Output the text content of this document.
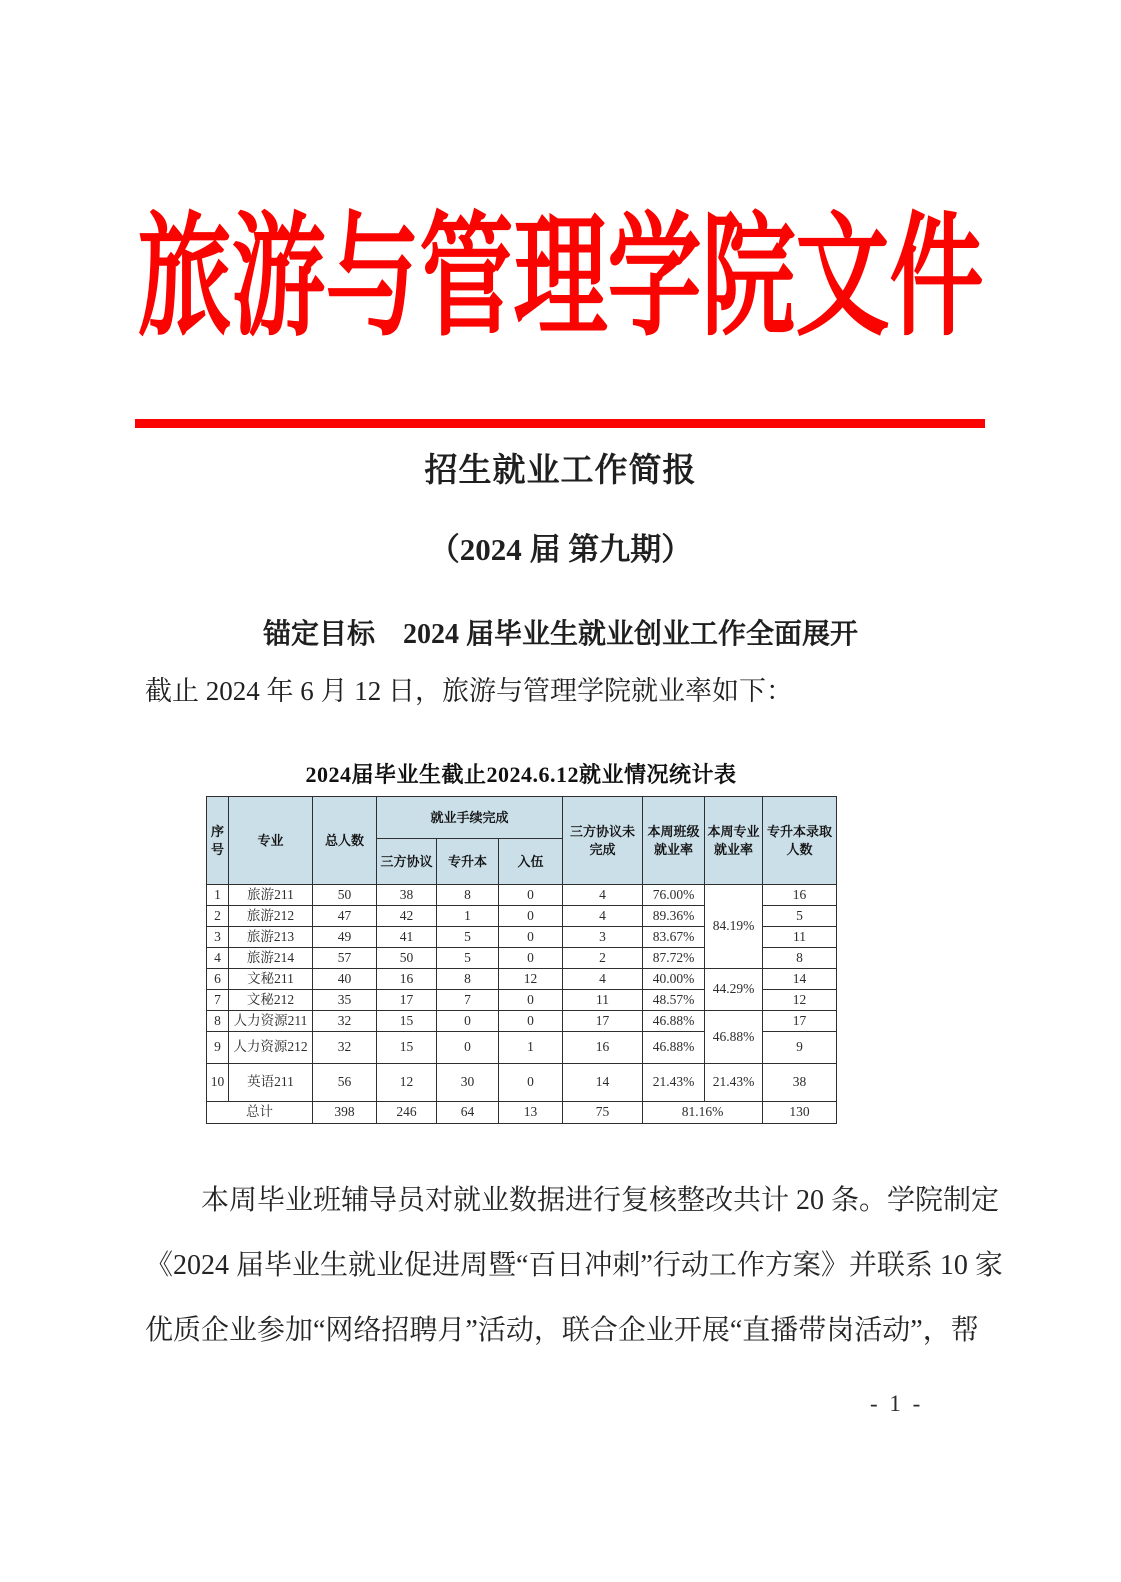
旅游与管理学院文件
招生就业工作简报
（2024 届 第九期）
锚定目标　2024 届毕业生就业创业工作全面展开
截止 2024 年 6 月 12 日，旅游与管理学院就业率如下：
2024届毕业生截止2024.6.12就业情况统计表
序号	专业	总人数	就业手续完成			三方协议未完成	本周班级就业率	本周专业就业率	专升本录取人数
			三方协议	专升本	入伍				
1	旅游211	50	38	8	0	4	76.00%	84.19%	16
2	旅游212	47	42	1	0	4	89.36%		5
3	旅游213	49	41	5	0	3	83.67%		11
4	旅游214	57	50	5	0	2	87.72%		8
6	文秘211	40	16	8	12	4	40.00%	44.29%	14
7	文秘212	35	17	7	0	11	48.57%		12
8	人力资源211	32	15	0	0	17	46.88%	46.88%	17
9	人力资源212	32	15	0	1	16	46.88%		9
10	英语211	56	12	30	0	14	21.43%	21.43%	38
总计		398	246	64	13	75	81.16%		130
本周毕业班辅导员对就业数据进行复核整改共计 20 条。学院制定
《2024 届毕业生就业促进周暨“百日冲刺”行动工作方案》并联系 10 家
优质企业参加“网络招聘月”活动，联合企业开展“直播带岗活动”，帮
- 1 -
